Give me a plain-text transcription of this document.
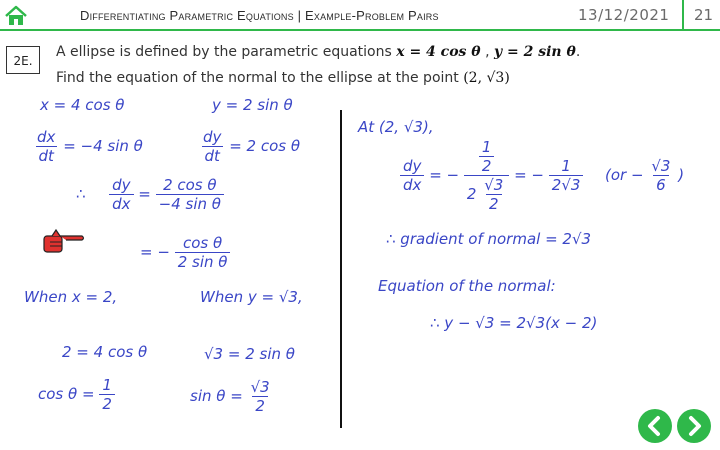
Differentiating Parametric Equations | Example-Problem Pairs	13/12/2021 21
2E.
A ellipse is defined by the parametric equations x = 4 cos θ , y = 2 sin θ.
Find the equation of the normal to the ellipse at the point (2, √3)
x = 4 cos θ	y = 2 sin θ
$\frac{dx}{dt} = -4$ sin θ	$\frac{dy}{dt} = 2$ cos θ
∴ $\frac{dy}{dx} = \frac{\text{2 cos θ}}{\text{−4 sin θ}}$
= − $\frac{\text{cos θ}}{\text{2 sin θ}}$
When x = 2,	When y = √3,
2 = 4 cos θ	√3 = 2 sin θ
$\cos \theta = \frac{1}{2}$	$\sin \theta = \frac{√3}{2}$
At (2, √3),
$\frac{dy}{dx}$ = − $\frac{\frac{1}{2}}{2 \frac{√3}{2}}$ = − $\frac{1}{2√3} (or - \frac{√3}{6}$ )
∴ gradient of normal = 2√3
Equation of the normal:
∴ y − √3 = 2√3(x − 2)
